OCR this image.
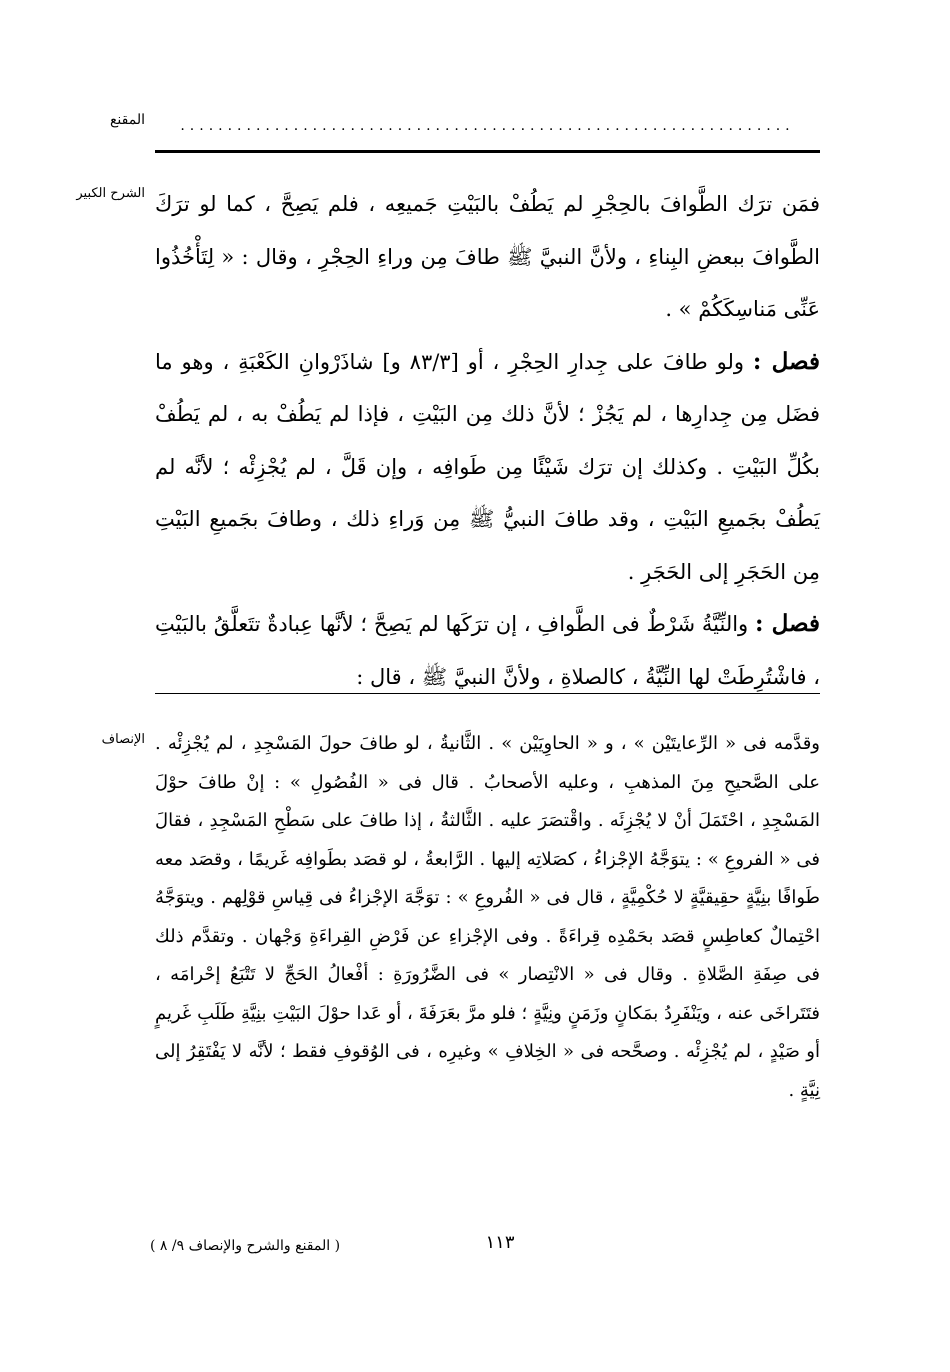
.................................................................
المقنع
الشرح الكبير فمَن ترَك الطَّوافَ بالحِجْرِ لم يَطُفْ بالبَيْتِ جَميعِه ، فلم يَصِحَّ ، كما لو ترَكَ الطَّوافَ ببعضِ البِناءِ ، ولأنَّ النبيَّ ﷺ طافَ مِن وراءِ الحِجْرِ ، وقال : « لِتَأْخُذُوا عَنِّى مَناسِكَكُمْ » .

فصل : ولو طافَ على جِدارِ الحِجْرِ ، أو [٨٣/٣ و] شاذَرْوانِ الكَعْبَةِ ، وهو ما فضَل مِن جِدارِها ، لم يَجُزْ ؛ لأنَّ ذلك مِن البَيْتِ ، فإذا لم يَطُفْ به ، لم يَطُفْ بكُلِّ البَيْتِ . وكذلك إن ترَك شَيْئًا مِن طَوافِه ، وإن قَلَّ ، لم يُجْزِئْه ؛ لأنَّه لم يَطُفْ بجَميعِ البَيْتِ ، وقد طافَ النبيُّ ﷺ مِن وَراءِ ذلك ، وطافَ بجَميعِ البَيْتِ مِن الحَجَرِ إلى الحَجَرِ .

فصل : والنِّيَّةُ شَرْطٌ فى الطَّوافِ ، إن ترَكَها لم يَصِحَّ ؛ لأنَّها عِبادةٌ تتَعلَّقُ بالبَيْتِ ، فاشْتُرِطَتْ لها النِّيَّةُ ، كالصلاةِ ، ولأنَّ النبيَّ ﷺ ، قال :

الإنصاف وقدَّمه فى « الرِّعايتَيْن » ، و « الحاوِيَيْن » . الثَّانيةُ ، لو طافَ حولَ المَسْجِدِ ، لم يُجْزِئْه . على الصَّحيحِ مِنَ المذهبِ ، وعليه الأصحابُ . قال فى « الفُصُولِ » : إنْ طافَ حوْلَ المَسْجِدِ ، احْتَمَلَ أنْ لا يُجْزِئَه . واقْتصَرَ عليه . الثَّالثةُ ، إذا طافَ على سَطْحِ المَسْجِدِ ، فقالَ فى « الفروعِ » : يتوَجَّهُ الإجْزاءُ ، كصَلاتِه إليها . الرَّابعةُ ، لو قصَد بطَوافِه غَريمًا ، وقصَد معه طَوافًا بنِيَّةٍ حقِيقيَّةٍ لا حُكْمِيَّةٍ ، قال فى « الفُروعِ » : توَجَّهَ الإجْزاءُ فى قِياسِ قوْلِهم . ويتوَجَّهُ احْتِمالٌ كعاطِسٍ قصَد بحَمْدِه قِراءَةً . وفى الإجْزاءِ عن فَرْضِ القِراءَةِ وَجْهان . وتقدَّم ذلك فى صِفَةِ الصَّلاةِ . وقال فى « الانْتِصار » فى الضَّرُورَةِ : أفْعالُ الحَجِّ لا تَتْبَعُ إحْرامَه ، فتَتَراخَى عنه ، ويَنْفَرِدُ بمَكانٍ وزَمَنٍ ونِيَّةٍ ؛ فلو مرَّ بعَرَفَةَ ، أو عَدا حوْلَ البَيْتِ بنِيَّةِ طَلَبِ غَريمٍ أو صَيْدٍ ، لم يُجْزِئْه . وصحَّحه فى « الخِلافِ » وغيرِه ، فى الوُقوفِ فقط ؛ لأنَّه لا يَفْتَقِرُ إلى نِيَّةٍ .

١١٣
( المقنع والشرح والإنصاف ٩/ ٨ )
